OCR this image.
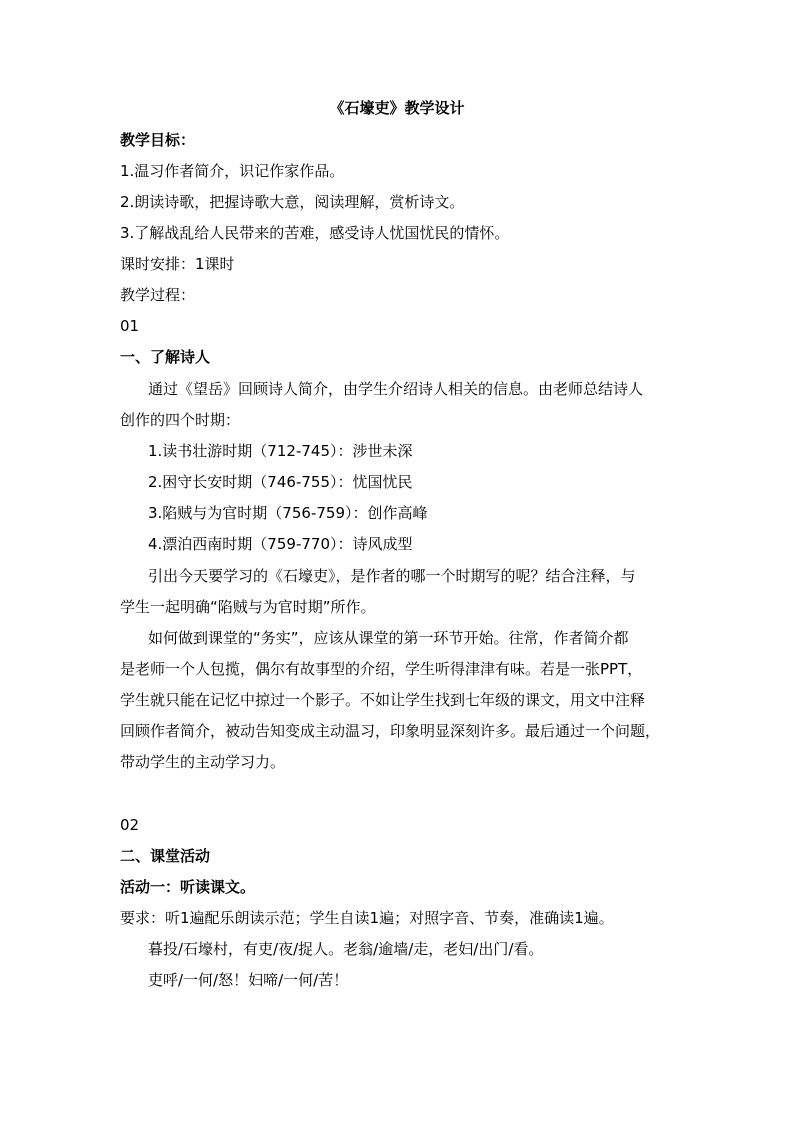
《石壕吏》教学设计
教学目标：
1.温习作者简介，识记作家作品。
2.朗读诗歌，把握诗歌大意，阅读理解，赏析诗文。
3.了解战乱给人民带来的苦难，感受诗人忧国忧民的情怀。
课时安排：1课时
教学过程：
01
一、了解诗人
通过《望岳》回顾诗人简介，由学生介绍诗人相关的信息。由老师总结诗人
创作的四个时期：
1.读书壮游时期（712-745）：涉世未深
2.困守长安时期（746-755）：忧国忧民
3.陷贼与为官时期（756-759）：创作高峰
4.漂泊西南时期（759-770）：诗风成型
引出今天要学习的《石壕吏》，是作者的哪一个时期写的呢？结合注释，与
学生一起明确“陷贼与为官时期”所作。
如何做到课堂的“务实”，应该从课堂的第一环节开始。往常，作者简介都
是老师一个人包揽，偶尔有故事型的介绍，学生听得津津有味。若是一张PPT，
学生就只能在记忆中掠过一个影子。不如让学生找到七年级的课文，用文中注释
回顾作者简介，被动告知变成主动温习，印象明显深刻许多。最后通过一个问题，
带动学生的主动学习力。
02
二、课堂活动
活动一：听读课文。
要求：听1遍配乐朗读示范；学生自读1遍；对照字音、节奏，准确读1遍。
暮投/石壕村，有吏/夜/捉人。老翁/逾墙/走，老妇/出门/看。
吏呼/一何/怒！妇啼/一何/苦！
